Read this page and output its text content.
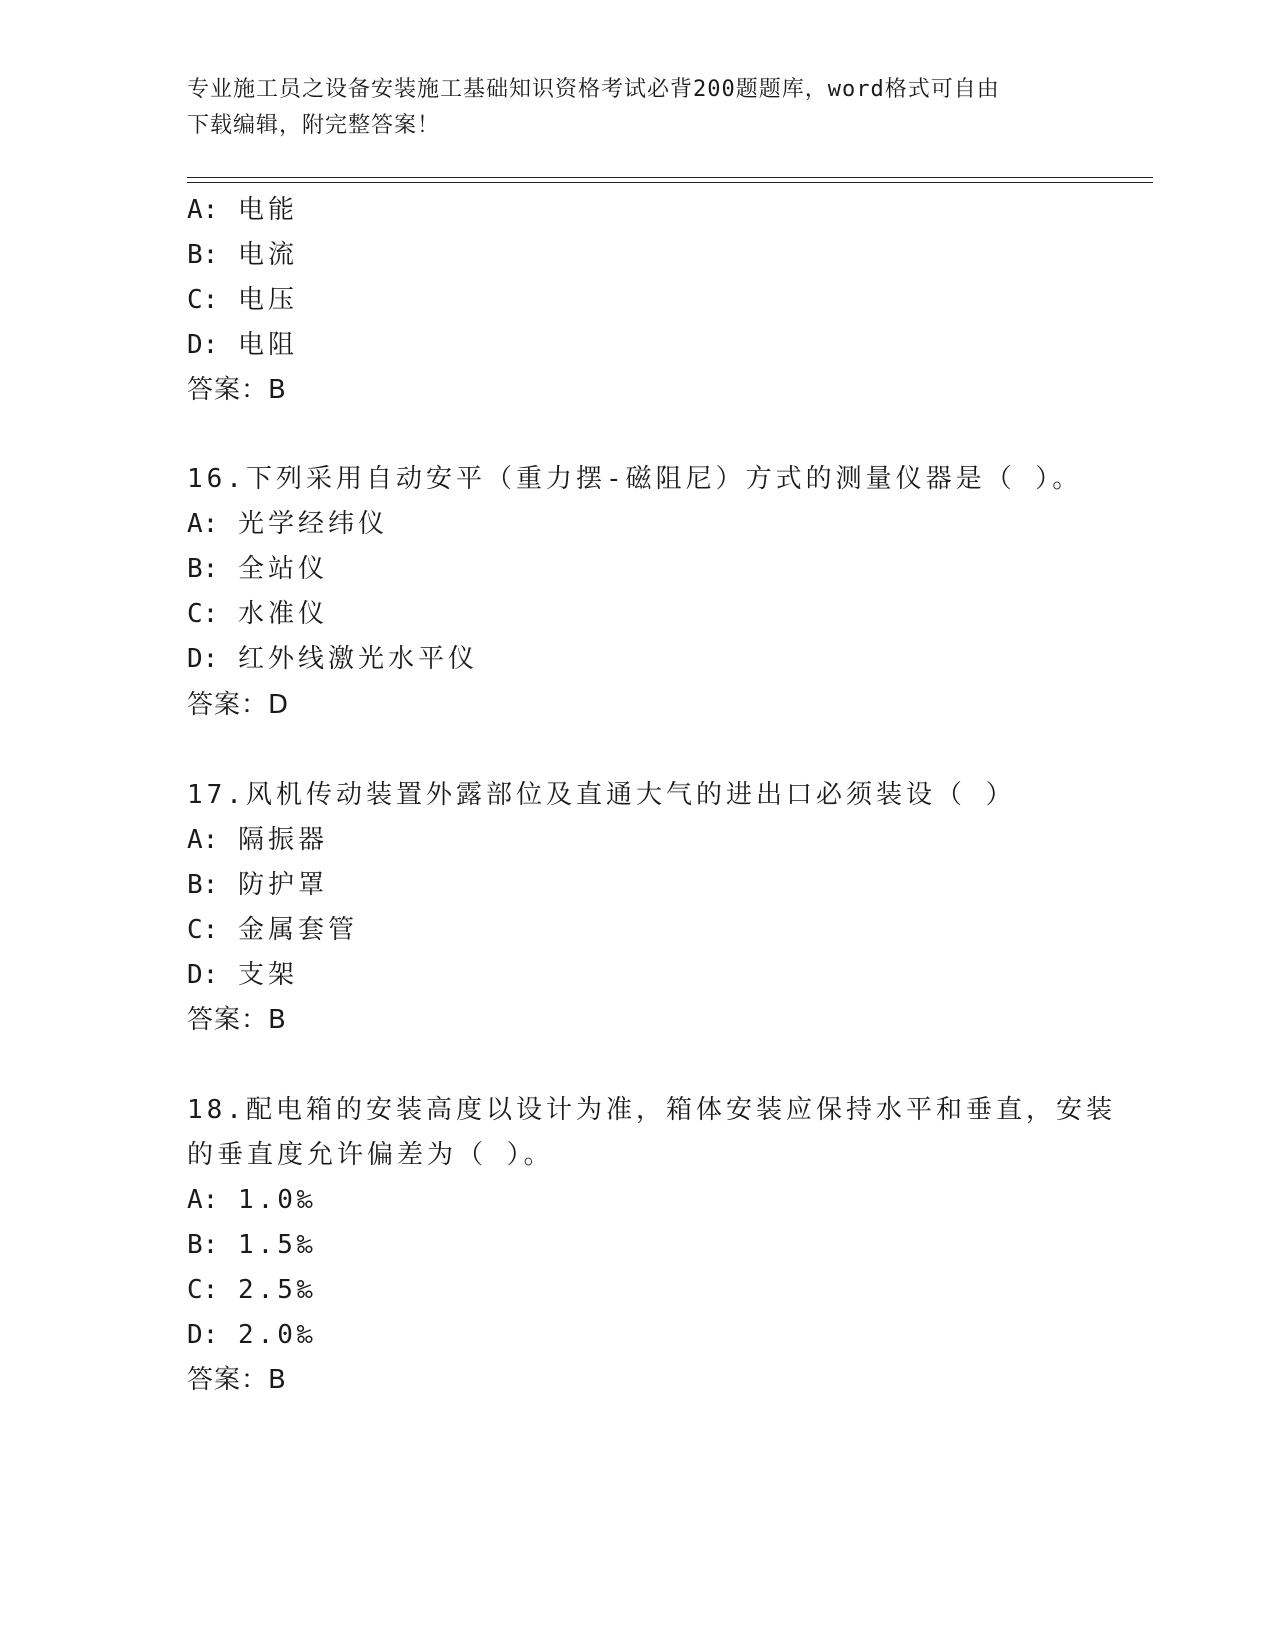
专业施工员之设备安装施工基础知识资格考试必背200题题库，word格式可自由
下载编辑，附完整答案！
A: 电能
B: 电流
C: 电压
D: 电阻
答案：B
16.下列采用自动安平（重力摆-磁阻尼）方式的测量仪器是（ ）。
A: 光学经纬仪
B: 全站仪
C: 水准仪
D: 红外线激光水平仪
答案：D
17.风机传动装置外露部位及直通大气的进出口必须装设（ ）
A: 隔振器
B: 防护罩
C: 金属套管
D: 支架
答案：B
18.配电箱的安装高度以设计为准，箱体安装应保持水平和垂直，安装
的垂直度允许偏差为（ ）。
A: 1.0‰
B: 1.5‰
C: 2.5‰
D: 2.0‰
答案：B
